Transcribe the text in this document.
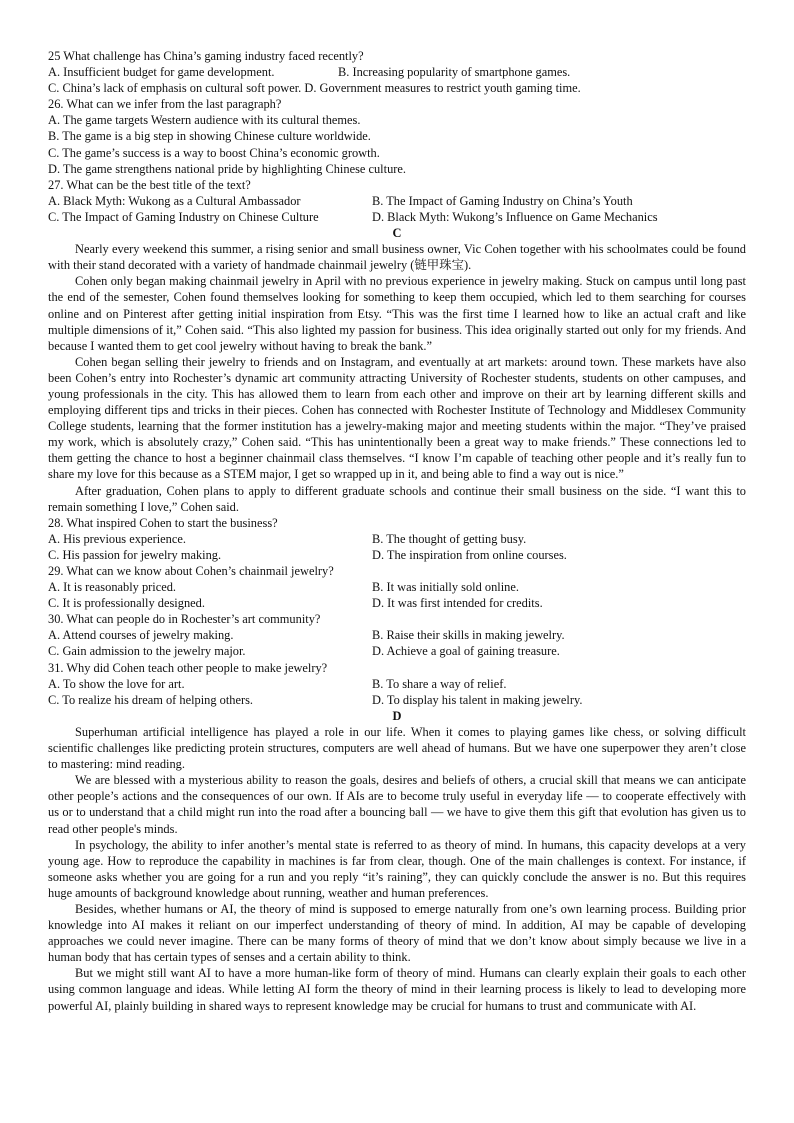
25 What challenge has China’s gaming industry faced recently?
A. Insufficient budget for game development.	B. Increasing popularity of smartphone games.
C. China’s lack of emphasis on cultural soft power. D. Government measures to restrict youth gaming time.
26. What can we infer from the last paragraph?
A. The game targets Western audience with its cultural themes.
B. The game is a big step in showing Chinese culture worldwide.
C. The game’s success is a way to boost China’s economic growth.
D. The game strengthens national pride by highlighting Chinese culture.
27. What can be the best title of the text?
A. Black Myth: Wukong as a Cultural Ambassador	B. The Impact of Gaming Industry on China’s Youth
C. The Impact of Gaming Industry on Chinese Culture	D. Black Myth: Wukong’s Influence on Game Mechanics
C

Nearly every weekend this summer, a rising senior and small business owner, Vic Cohen together with his schoolmates could be found with their stand decorated with a variety of handmade chainmail jewelry (链甲珠宝).

Cohen only began making chainmail jewelry in April with no previous experience in jewelry making. Stuck on campus until long past the end of the semester, Cohen found themselves looking for something to keep them occupied, which led to them searching for courses online and on Pinterest after getting initial inspiration from Etsy. “This was the first time I learned how to like an actual craft and like multiple dimensions of it,” Cohen said. “This also lighted my passion for business. This idea originally started out only for my friends. And because I wanted them to get cool jewelry without having to break the bank.”

Cohen began selling their jewelry to friends and on Instagram, and eventually at art markets: around town. These markets have also been Cohen’s entry into Rochester’s dynamic art community attracting University of Rochester students, students on other campuses, and young professionals in the city. This has allowed them to learn from each other and improve on their art by learning different skills and employing different tips and tricks in their pieces. Cohen has connected with Rochester Institute of Technology and Middlesex Community College students, learning that the former institution has a jewelry-making major and meeting students within the major. “They’ve praised my work, which is absolutely crazy,” Cohen said. “This has unintentionally been a great way to make friends.” These connections led to them getting the chance to host a beginner chainmail class themselves. “I know I’m capable of teaching other people and it’s really fun to share my love for this because as a STEM major, I get so wrapped up in it, and being able to find a way out is nice.”

After graduation, Cohen plans to apply to different graduate schools and continue their small business on the side. “I want this to remain something I love,” Cohen said.

28. What inspired Cohen to start the business?
A. His previous experience.	B. The thought of getting busy.
C. His passion for jewelry making.	D. The inspiration from online courses.
29. What can we know about Cohen’s chainmail jewelry?
A. It is reasonably priced.	B. It was initially sold online.
C. It is professionally designed.	D. It was first intended for credits.
30. What can people do in Rochester’s art community?
A. Attend courses of jewelry making.	B. Raise their skills in making jewelry.
C. Gain admission to the jewelry major.	D. Achieve a goal of gaining treasure.
31. Why did Cohen teach other people to make jewelry?
A. To show the love for art.	B. To share a way of relief.
C. To realize his dream of helping others.	D. To display his talent in making jewelry.
D

Superhuman artificial intelligence has played a role in our life. When it comes to playing games like chess, or solving difficult scientific challenges like predicting protein structures, computers are well ahead of humans. But we have one superpower they aren’t close to mastering: mind reading.

We are blessed with a mysterious ability to reason the goals, desires and beliefs of others, a crucial skill that means we can anticipate other people’s actions and the consequences of our own. If AIs are to become truly useful in everyday life — to cooperate effectively with us or to understand that a child might run into the road after a bouncing ball — we have to give them this gift that evolution has given us to read other people's minds.

In psychology, the ability to infer another’s mental state is referred to as theory of mind. In humans, this capacity develops at a very young age. How to reproduce the capability in machines is far from clear, though. One of the main challenges is context. For instance, if someone asks whether you are going for a run and you reply “it’s raining”, they can quickly conclude the answer is no. But this requires huge amounts of background knowledge about running, weather and human preferences.

Besides, whether humans or AI, the theory of mind is supposed to emerge naturally from one’s own learning process. Building prior knowledge into AI makes it reliant on our imperfect understanding of theory of mind. In addition, AI may be capable of developing approaches we could never imagine. There can be many forms of theory of mind that we don’t know about simply because we live in a human body that has certain types of senses and a certain ability to think.

But we might still want AI to have a more human-like form of theory of mind. Humans can clearly explain their goals to each other using common language and ideas. While letting AI form the theory of mind in their learning process is likely to lead to developing more powerful AI, plainly building in shared ways to represent knowledge may be crucial for humans to trust and communicate with AI.
